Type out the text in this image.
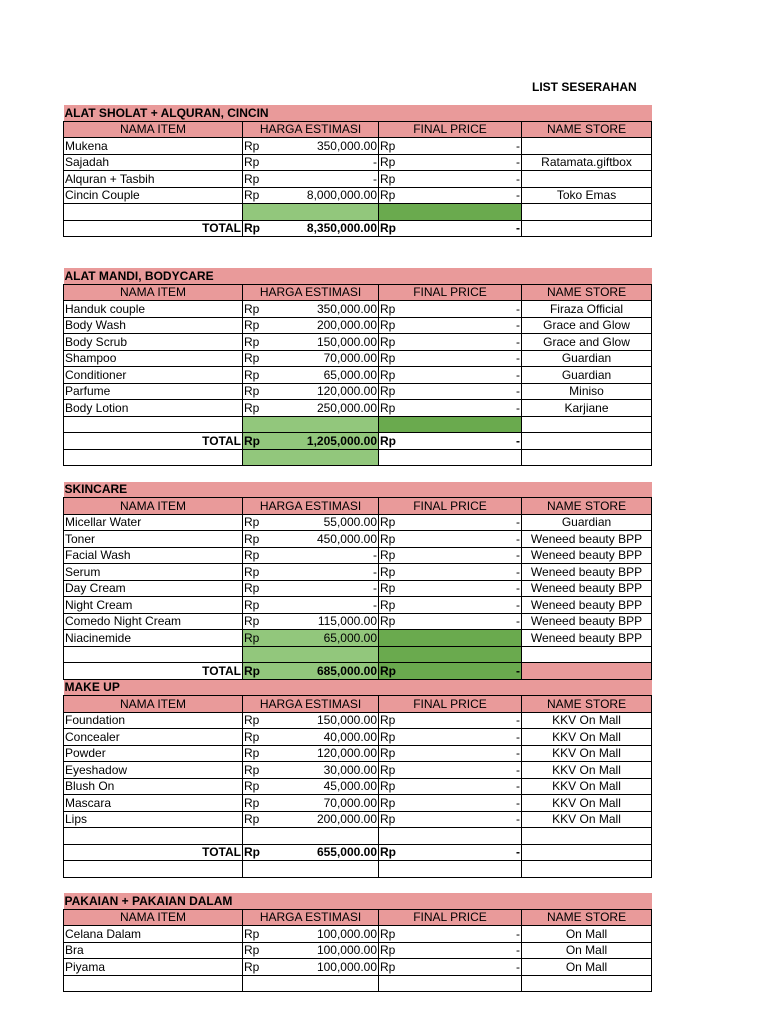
LIST SESERAHAN
ALAT SHOLAT + ALQURAN, CINCIN			
NAMA ITEM	HARGA ESTIMASI	FINAL PRICE	NAME STORE
Mukena	Rp 350,000.00	Rp -	

Sajadah	Rp -	Rp -	Ratamata.giftbox
Alquran + Tasbih	Rp -	Rp -	

Cincin Couple	Rp 8,000,000.00	Rp -	Toko Emas

TOTAL	Rp 8,350,000.00	Rp -	

ALAT MANDI, BODYCARE			
NAMA ITEM	HARGA ESTIMASI	FINAL PRICE	NAME STORE
Handuk couple	Rp 350,000.00	Rp -	Firaza Official
Body Wash	Rp 200,000.00	Rp -	Grace and Glow
Body Scrub	Rp 150,000.00	Rp -	Grace and Glow
Shampoo	Rp 70,000.00	Rp -	Guardian
Conditioner	Rp 65,000.00	Rp -	Guardian
Parfume	Rp 120,000.00	Rp -	Miniso
Body Lotion	Rp 250,000.00	Rp -	Karjiane

TOTAL	Rp 1,205,000.00	Rp -	

SKINCARE			
NAMA ITEM	HARGA ESTIMASI	FINAL PRICE	NAME STORE
Micellar Water	Rp 55,000.00	Rp -	Guardian
Toner	Rp 450,000.00	Rp -	Weneed beauty BPP
Facial Wash	Rp -	Rp -	Weneed beauty BPP
Serum	Rp -	Rp -	Weneed beauty BPP
Day Cream	Rp -	Rp -	Weneed beauty BPP
Night Cream	Rp -	Rp -	Weneed beauty BPP
Comedo Night Cream	Rp 115,000.00	Rp -	Weneed beauty BPP
Niacinemide	Rp 65,000.00		Weneed beauty BPP

TOTAL	Rp 685,000.00	Rp -	

MAKE UP			
NAMA ITEM	HARGA ESTIMASI	FINAL PRICE	NAME STORE
Foundation	Rp 150,000.00	Rp -	KKV On Mall
Concealer	Rp 40,000.00	Rp -	KKV On Mall
Powder	Rp 120,000.00	Rp -	KKV On Mall
Eyeshadow	Rp 30,000.00	Rp -	KKV On Mall
Blush On	Rp 45,000.00	Rp -	KKV On Mall
Mascara	Rp 70,000.00	Rp -	KKV On Mall
Lips	Rp 200,000.00	Rp -	KKV On Mall

TOTAL	Rp 655,000.00	Rp -	

PAKAIAN + PAKAIAN DALAM			
NAMA ITEM	HARGA ESTIMASI	FINAL PRICE	NAME STORE
Celana Dalam	Rp 100,000.00	Rp -	On Mall
Bra	Rp 100,000.00	Rp -	On Mall
Piyama	Rp 100,000.00	Rp -	On Mall
